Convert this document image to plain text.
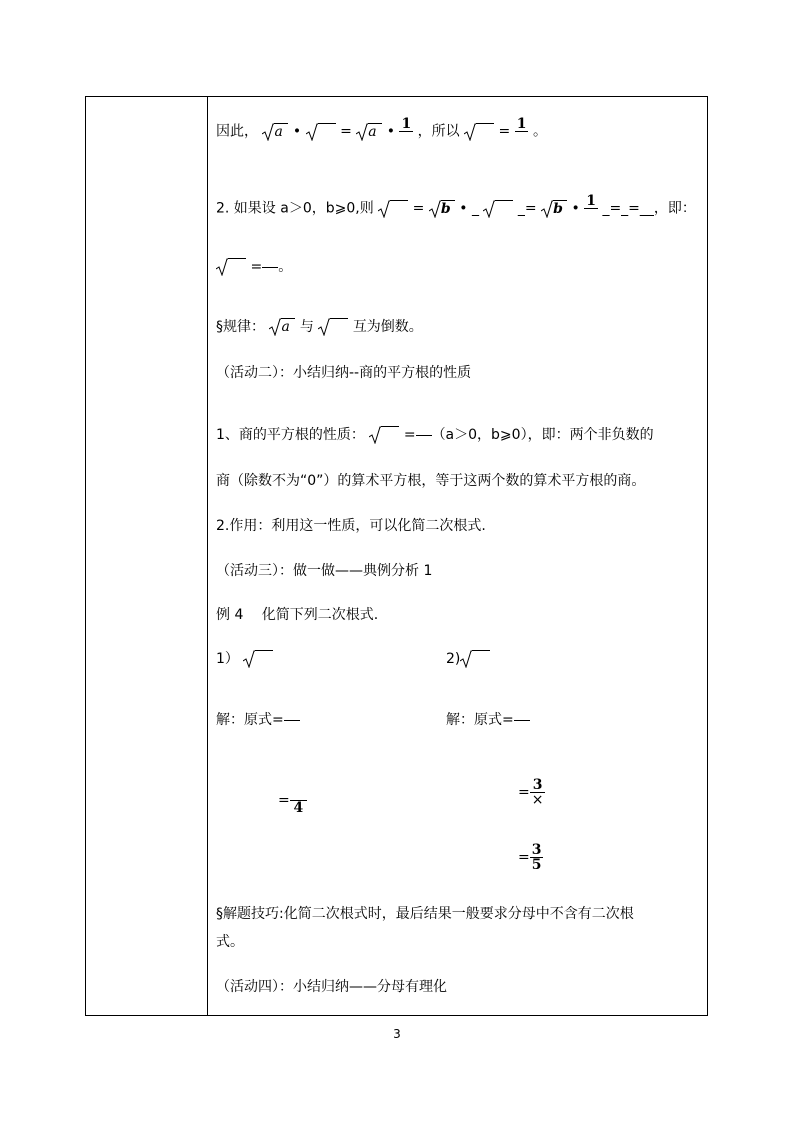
因此， a •	= a • 1
，所以	= 1
。
2. 如果设 a＞0，b⩾0,则	= b • _	_= b • 1
_=_=__，即：
= 。
§规律： a 与	互为倒数。
（活动二）：小结归纳--商的平方根的性质
1、商的平方根的性质：	= （a＞0，b⩾0），即：两个非负数的
商（除数不为“0”）的算术平方根，等于这两个数的算术平方根的商。
2.作用：利用这一性质，可以化简二次根式.
（活动三）：做一做——典例分析 1
例 4　 化简下列二次根式.
1）	2)
解：原式=	解：原式=
=
4
= $\frac{3}{\times}$
= $\frac{3}{5}$
§解题技巧:化简二次根式时，最后结果一般要求分母中不含有二次根
式。
（活动四）：小结归纳——分母有理化
3
